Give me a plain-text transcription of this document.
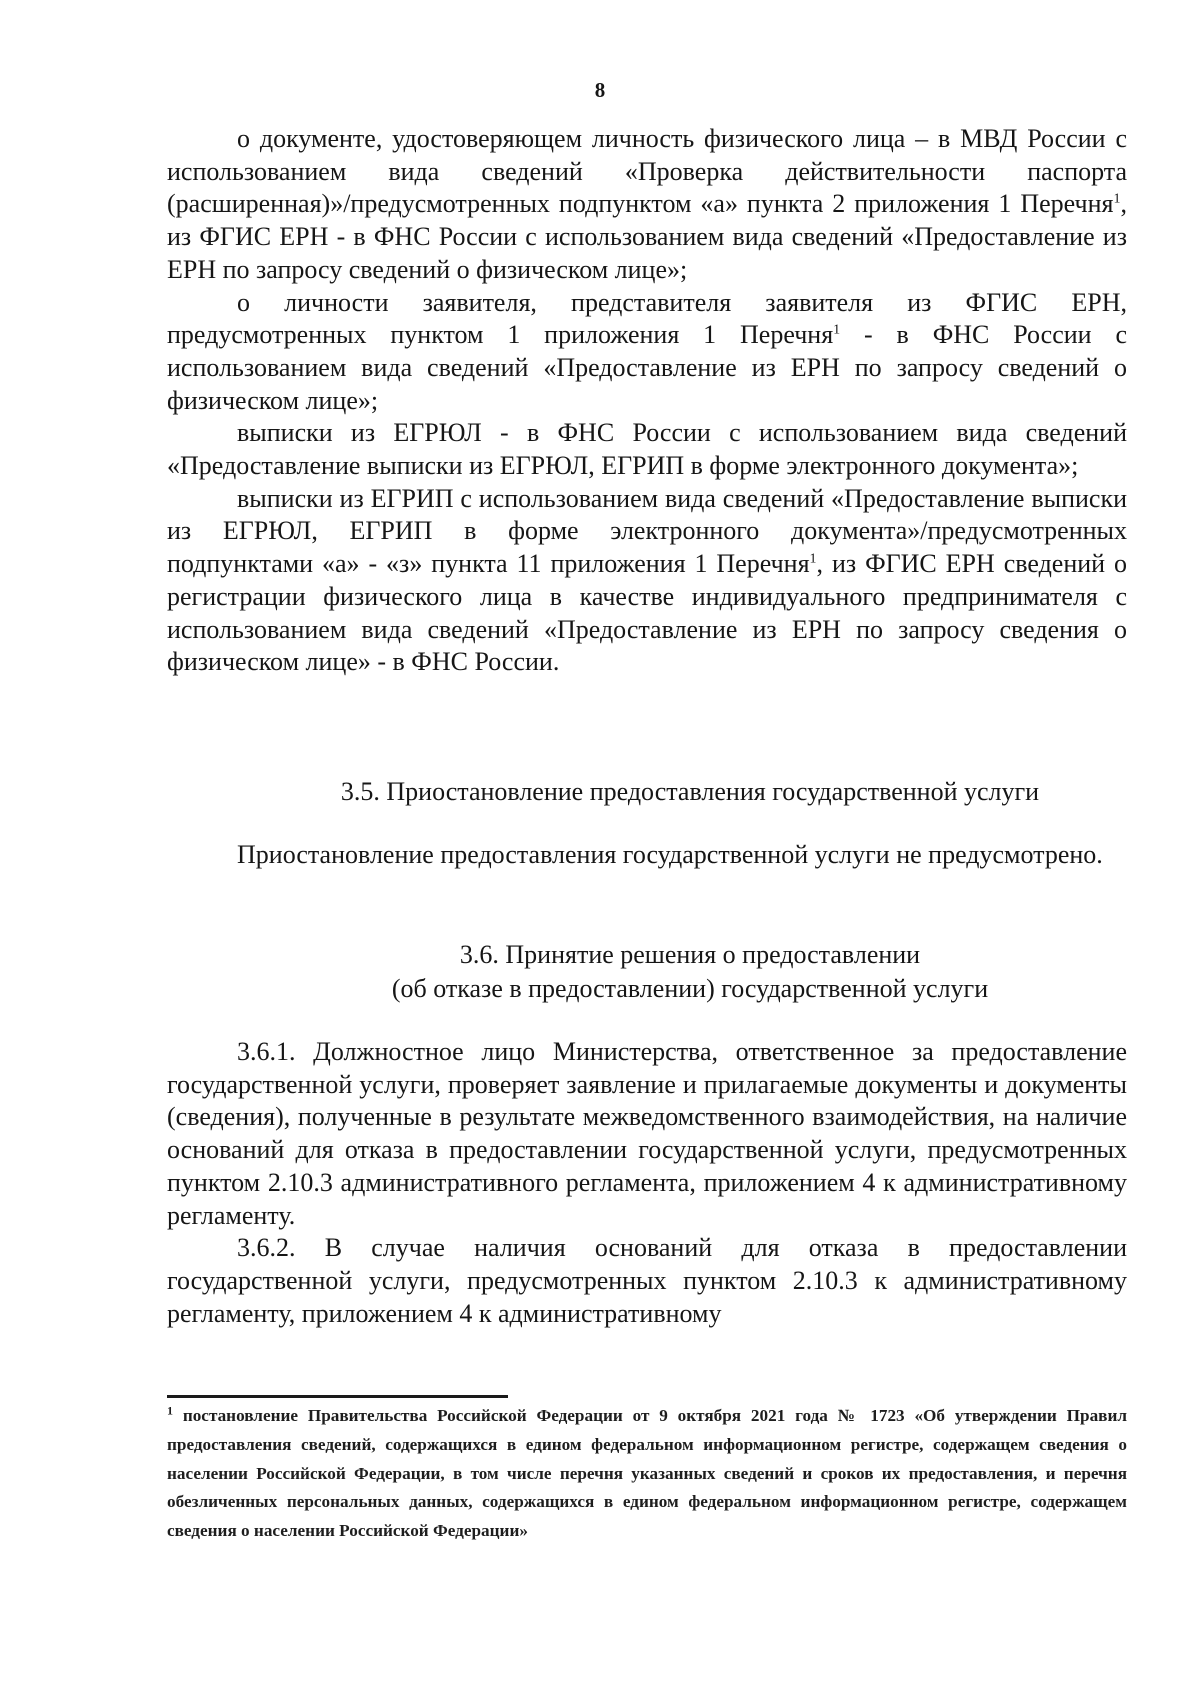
8

о документе, удостоверяющем личность физического лица – в МВД России с использованием вида сведений «Проверка действительности паспорта (расширенная)»/предусмотренных подпунктом «а» пункта 2 приложения 1 Перечня$^1$, из ФГИС ЕРН - в ФНС России с использованием вида сведений «Предоставление из ЕРН по запросу сведений о физическом лице»;

о личности заявителя, представителя заявителя из ФГИС ЕРН, предусмотренных пунктом 1 приложения 1 Перечня$^1$ - в ФНС России с использованием вида сведений «Предоставление из ЕРН по запросу сведений о физическом лице»;

выписки из ЕГРЮЛ - в ФНС России с использованием вида сведений «Предоставление выписки из ЕГРЮЛ, ЕГРИП в форме электронного документа»;

выписки из ЕГРИП с использованием вида сведений «Предоставление выписки из ЕГРЮЛ, ЕГРИП в форме электронного документа»/предусмотренных подпунктами «а» - «з» пункта 11 приложения 1 Перечня$^1$, из ФГИС ЕРН сведений о регистрации физического лица в качестве индивидуального предпринимателя с использованием вида сведений «Предоставление из ЕРН по запросу сведения о физическом лице» - в ФНС России.

3.5. Приостановление предоставления государственной услуги

Приостановление предоставления государственной услуги не предусмотрено.

3.6. Принятие решения о предоставлении
(об отказе в предоставлении) государственной услуги

3.6.1. Должностное лицо Министерства, ответственное за предоставление государственной услуги, проверяет заявление и прилагаемые документы и документы (сведения), полученные в результате межведомственного взаимодействия, на наличие оснований для отказа в предоставлении государственной услуги, предусмотренных пунктом 2.10.3 административного регламента, приложением 4 к административному регламенту.

3.6.2. В случае наличия оснований для отказа в предоставлении государственной услуги, предусмотренных пунктом 2.10.3 к административному регламенту, приложением 4 к административному

$^1$ постановление Правительства Российской Федерации от 9 октября 2021 года № 1723 «Об утверждении Правил предоставления сведений, содержащихся в едином федеральном информационном регистре, содержащем сведения о населении Российской Федерации, в том числе перечня указанных сведений и сроков их предоставления, и перечня обезличенных персональных данных, содержащихся в едином федеральном информационном регистре, содержащем сведения о населении Российской Федерации»
